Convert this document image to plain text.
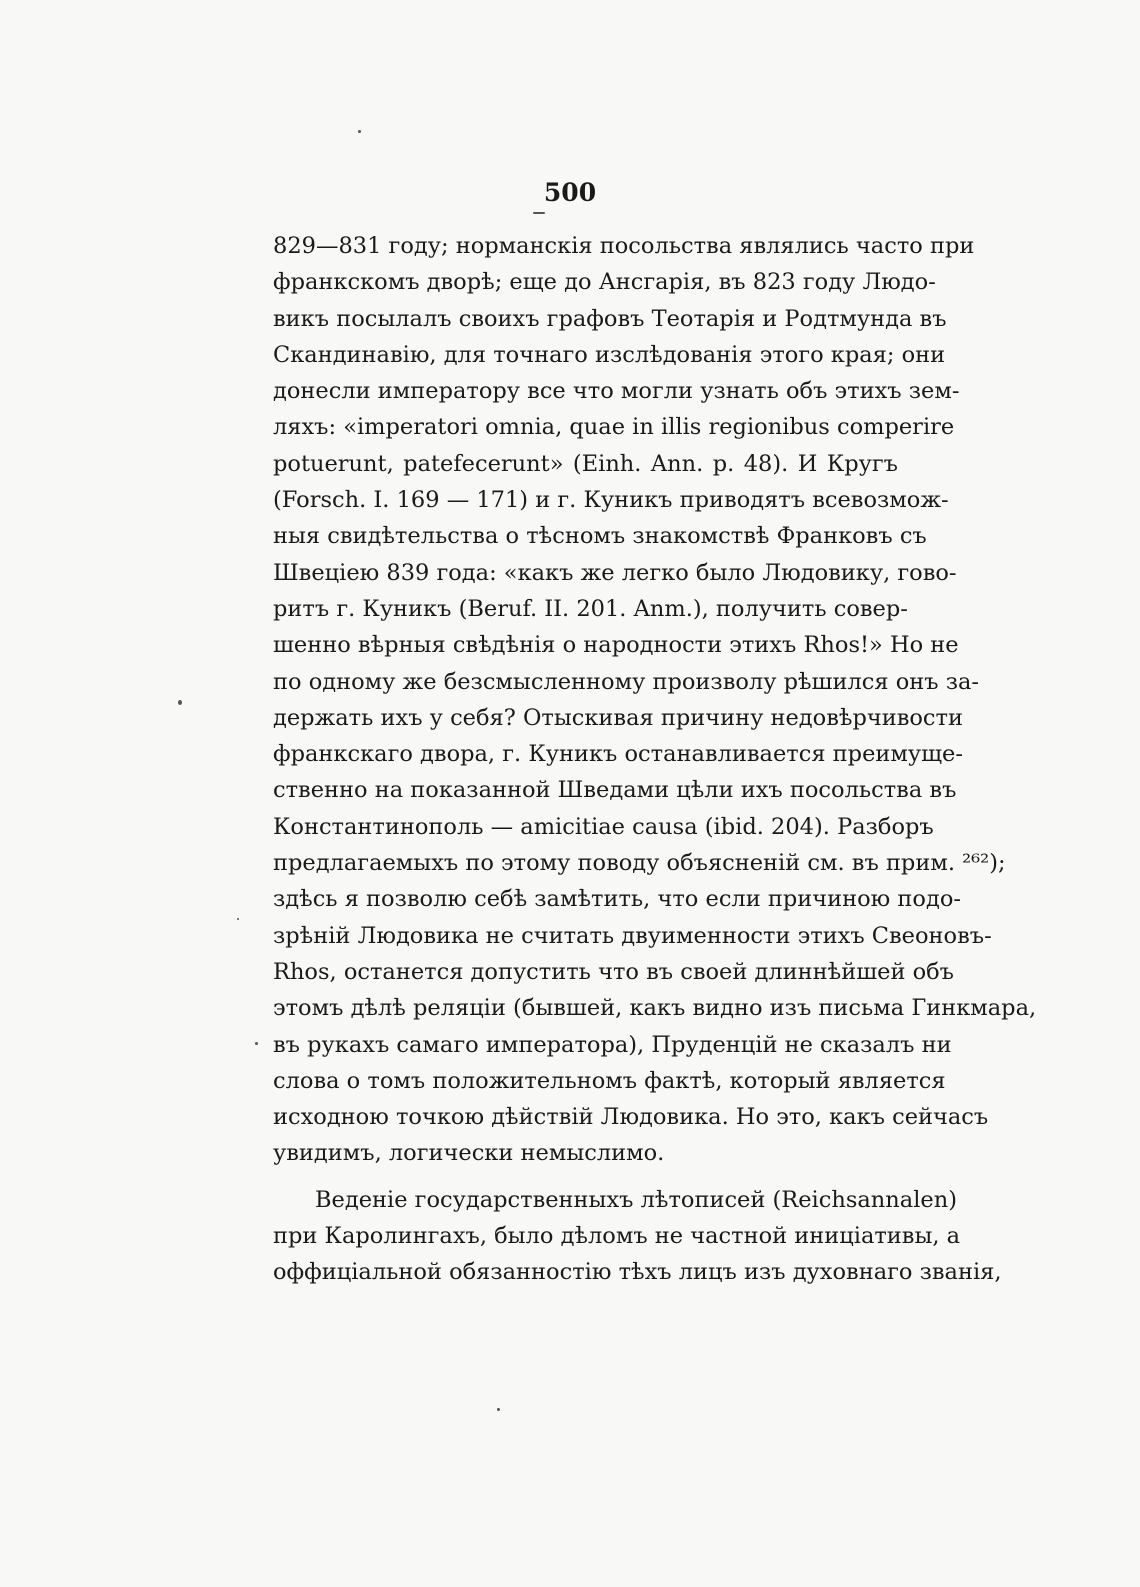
500
829—831 году; норманскія посольства являлись часто при
франкскомъ дворѣ; еще до Ансгарія, въ 823 году Людо-
викъ посылалъ своихъ графовъ Теотарія и Родтмунда въ
Скандинавію, для точнаго изслѣдованія этого края; они
донесли императору все что могли узнать объ этихъ зем-
ляхъ: «imperatori omnia, quae in illis regionibus comperire
potuerunt, patefecerunt» (Einh. Ann. p. 48). И Кругъ
(Forsch. I. 169 — 171) и г. Куникъ приводятъ всевозмож-
ныя свидѣтельства о тѣсномъ знакомствѣ Франковъ съ
Швеціею 839 года: «какъ же легко было Людовику, гово-
ритъ г. Куникъ (Beruf. II. 201. Anm.), получить совер-
шенно вѣрныя свѣдѣнія о народности этихъ Rhos!» Но не
по одному же безсмысленному произволу рѣшился онъ за-
держать ихъ у себя? Отыскивая причину недовѣрчивости
франкскаго двора, г. Куникъ останавливается преимуще-
ственно на показанной Шведами цѣли ихъ посольства въ
Константинополь — amicitiae causa (ibid. 204). Разборъ
предлагаемыхъ по этому поводу объясненій см. въ прим. ²⁶²);
здѣсь я позволю себѣ замѣтить, что если причиною подо-
зрѣній Людовика не считать двуименности этихъ Свеоновъ-
Rhos, останется допустить что въ своей длиннѣйшей объ
этомъ дѣлѣ реляціи (бывшей, какъ видно изъ письма Гинкмара,
въ рукахъ самаго императора), Пруденцій не сказалъ ни
слова о томъ положительномъ фактѣ, который является
исходною точкою дѣйствій Людовика. Но это, какъ сейчасъ
увидимъ, логически немыслимо.
Веденіе государственныхъ лѣтописей (Reichsannalen)
при Каролингахъ, было дѣломъ не частной иниціативы, а
оффиціальной обязанностію тѣхъ лицъ изъ духовнаго званія,
